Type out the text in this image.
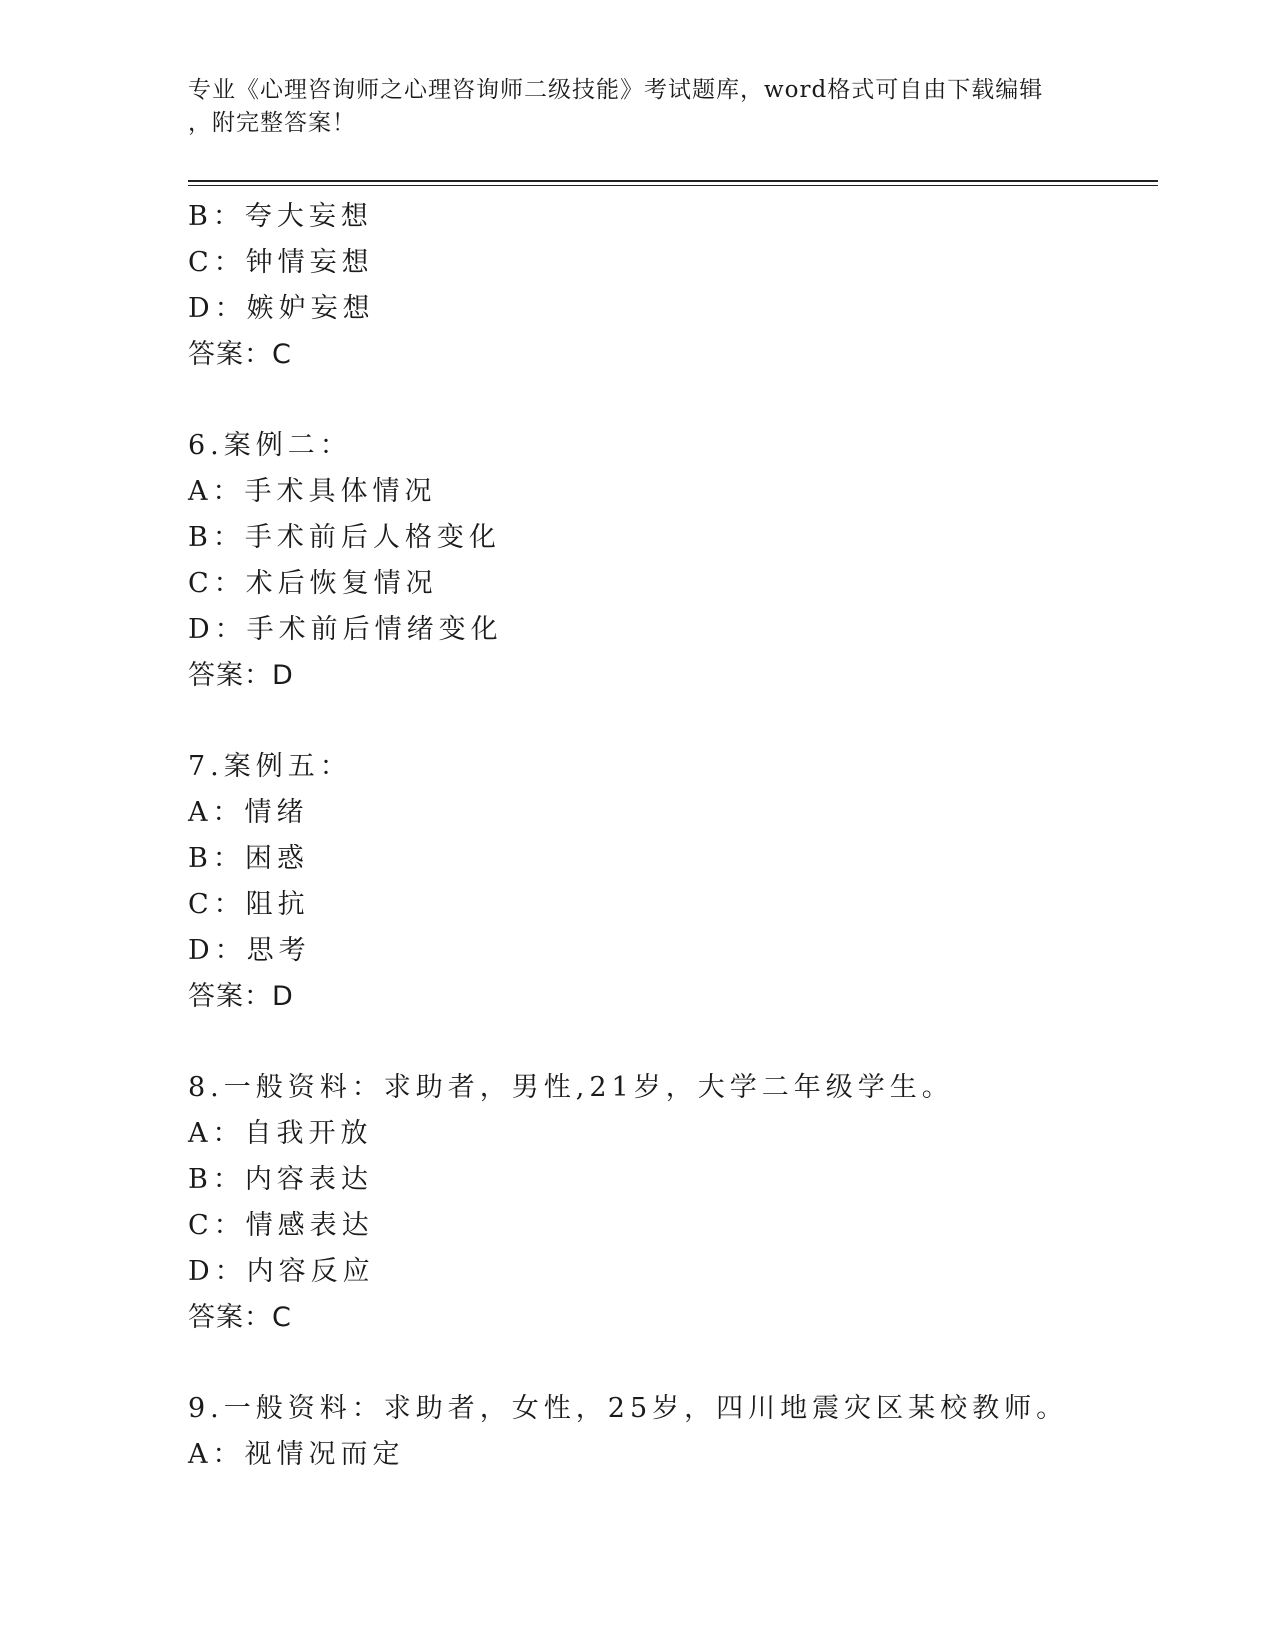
专业《心理咨询师之心理咨询师二级技能》考试题库，word格式可自由下载编辑
，附完整答案！
B：夸大妄想
C：钟情妄想
D：嫉妒妄想
答案：C
6.案例二：
A：手术具体情况
B：手术前后人格变化
C：术后恢复情况
D：手术前后情绪变化
答案：D
7.案例五：
A：情绪
B：困惑
C：阻抗
D：思考
答案：D
8.一般资料：求助者，男性,21岁，大学二年级学生。
A：自我开放
B：内容表达
C：情感表达
D：内容反应
答案：C
9.一般资料：求助者，女性，25岁，四川地震灾区某校教师。
A：视情况而定
